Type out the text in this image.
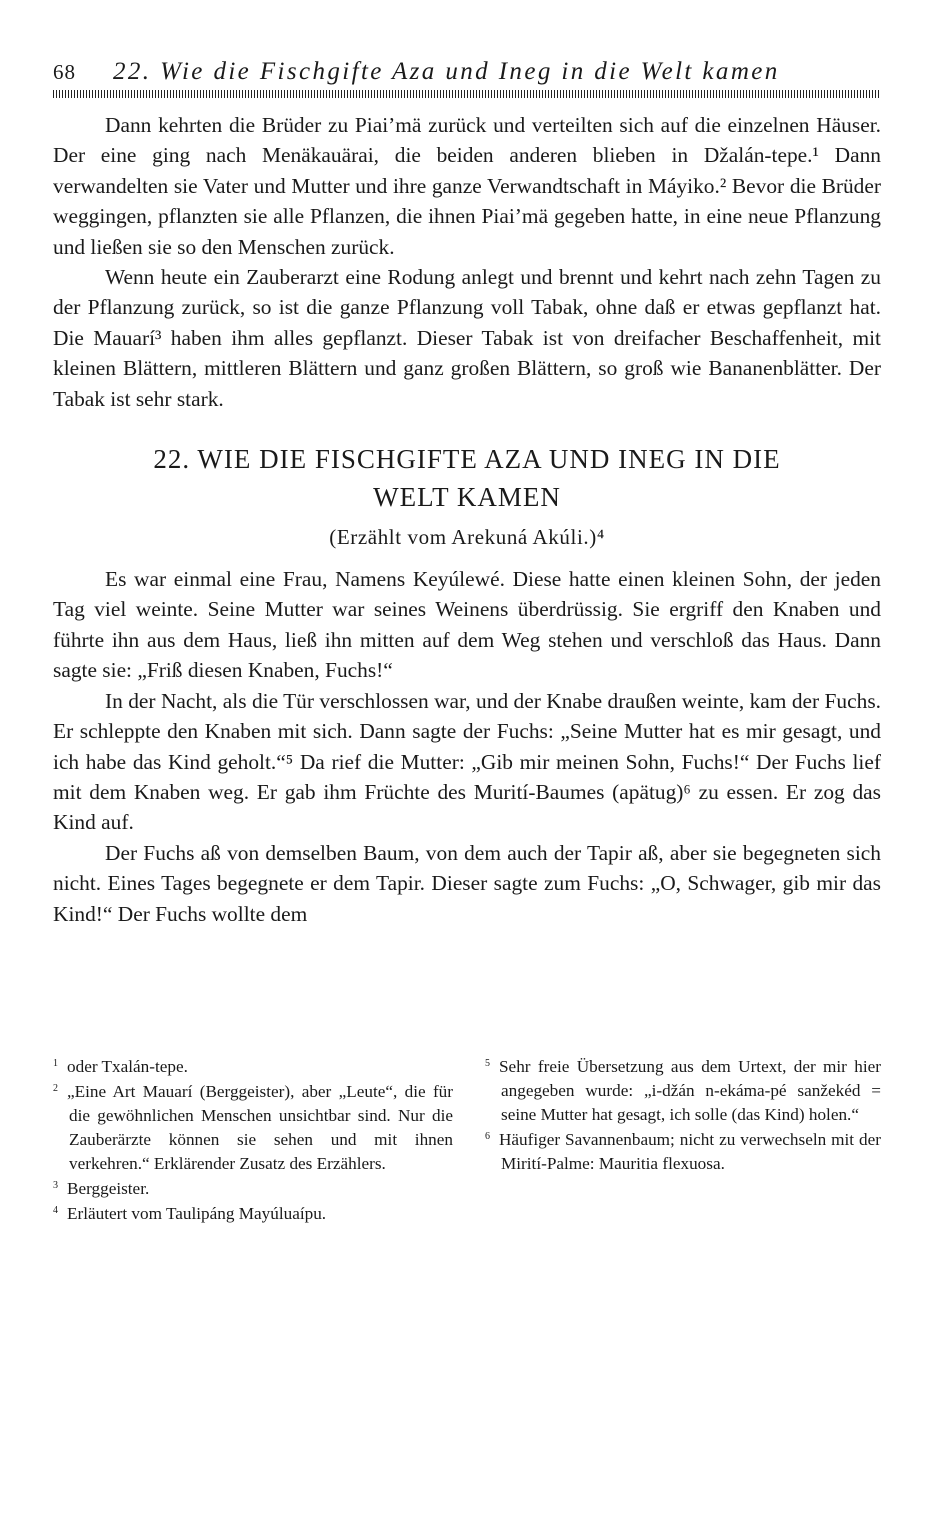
68	22. Wie die Fischgifte Aza und Ineg in die Welt kamen

Dann kehrten die Brüder zu Piai’mä zurück und verteilten sich auf die einzelnen Häuser. Der eine ging nach Menäkauärai, die beiden anderen blieben in Džalán-tepe.¹ Dann verwandelten sie Vater und Mutter und ihre ganze Verwandtschaft in Máyiko.² Bevor die Brüder weggingen, pflanzten sie alle Pflanzen, die ihnen Piai’mä gegeben hatte, in eine neue Pflanzung und ließen sie so den Menschen zurück.

Wenn heute ein Zauberarzt eine Rodung anlegt und brennt und kehrt nach zehn Tagen zu der Pflanzung zurück, so ist die ganze Pflanzung voll Tabak, ohne daß er etwas gepflanzt hat. Die Mauarí³ haben ihm alles gepflanzt. Dieser Tabak ist von dreifacher Beschaffenheit, mit kleinen Blättern, mittleren Blättern und ganz großen Blättern, so groß wie Bananenblätter. Der Tabak ist sehr stark.

22. WIE DIE FISCHGIFTE AZA UND INEG IN DIE
WELT KAMEN
(Erzählt vom Arekuná Akúli.)⁴

Es war einmal eine Frau, Namens Keyúlewé. Diese hatte einen kleinen Sohn, der jeden Tag viel weinte. Seine Mutter war seines Weinens überdrüssig. Sie ergriff den Knaben und führte ihn aus dem Haus, ließ ihn mitten auf dem Weg stehen und verschloß das Haus. Dann sagte sie: „Friß diesen Knaben, Fuchs!“

In der Nacht, als die Tür verschlossen war, und der Knabe draußen weinte, kam der Fuchs. Er schleppte den Knaben mit sich. Dann sagte der Fuchs: „Seine Mutter hat es mir gesagt, und ich habe das Kind geholt.“⁵ Da rief die Mutter: „Gib mir meinen Sohn, Fuchs!“ Der Fuchs lief mit dem Knaben weg. Er gab ihm Früchte des Murití-Baumes (apätug)⁶ zu essen. Er zog das Kind auf.

Der Fuchs aß von demselben Baum, von dem auch der Tapir aß, aber sie begegneten sich nicht. Eines Tages begegnete er dem Tapir. Dieser sagte zum Fuchs: „O, Schwager, gib mir das Kind!“ Der Fuchs wollte dem

$^1$ oder Txalán-tepe.

$^2$ „Eine Art Mauarí (Berggeister), aber „Leute“, die für die gewöhnlichen Menschen unsichtbar sind. Nur die Zauberärzte können sie sehen und mit ihnen verkehren.“ Erklärender Zusatz des Erzählers.

$^3$ Berggeister.

$^4$ Erläutert vom Taulipáng Mayúluaípu.

$^5$ Sehr freie Übersetzung aus dem Urtext, der mir hier angegeben wurde: „i-džán n-ekáma-pé sanžekéd = seine Mutter hat gesagt, ich solle (das Kind) holen.“

$^6$ Häufiger Savannenbaum; nicht zu verwechseln mit der Mirití-Palme: Mauritia flexuosa.
